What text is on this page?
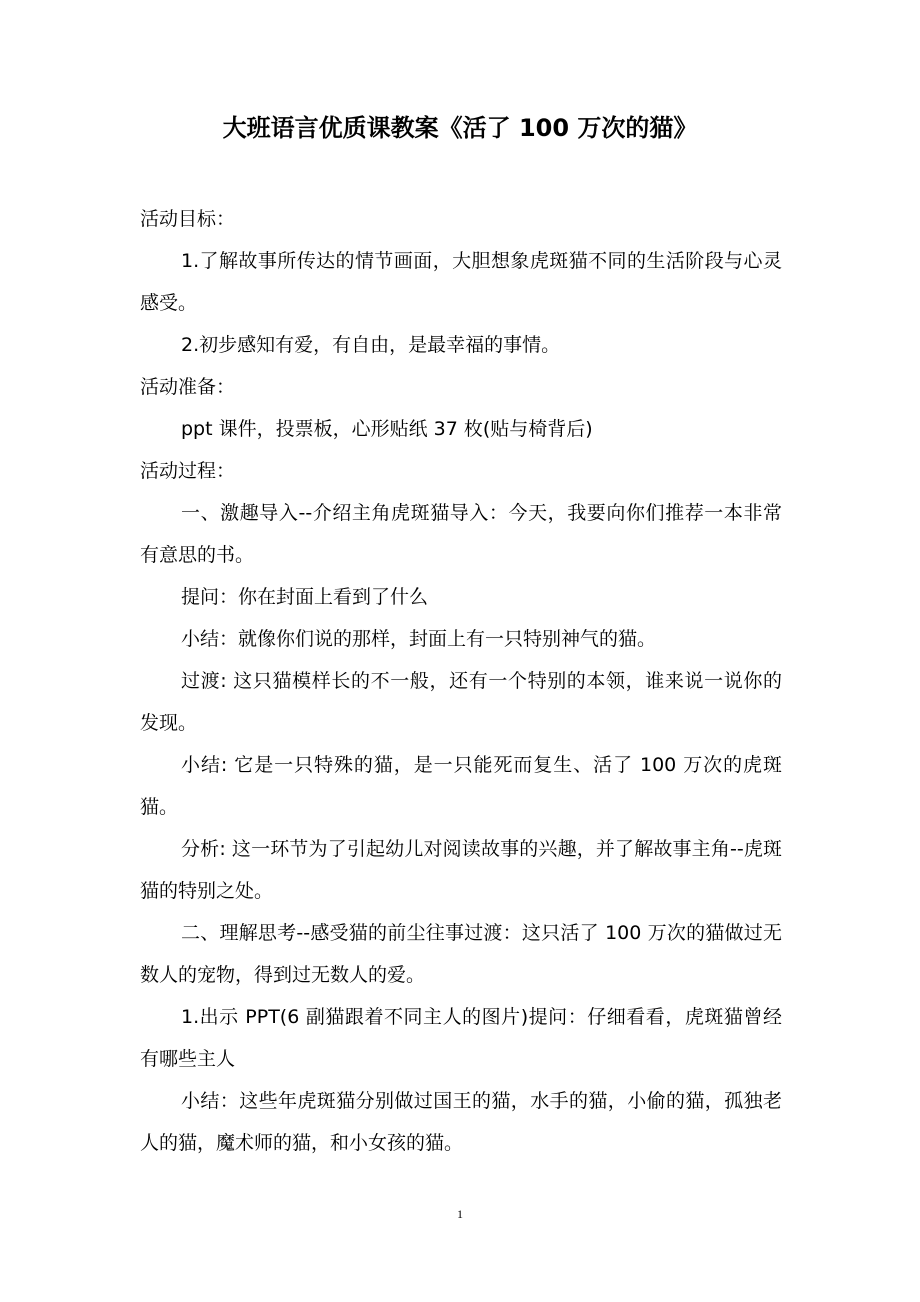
大班语言优质课教案《活了 100 万次的猫》

活动目标：

1.了解故事所传达的情节画面，大胆想象虎斑猫不同的生活阶段与心灵感受。

2.初步感知有爱，有自由，是最幸福的事情。

活动准备：

ppt 课件，投票板，心形贴纸 37 枚(贴与椅背后)

活动过程：

一、激趣导入--介绍主角虎斑猫导入：今天，我要向你们推荐一本非常有意思的书。

提问：你在封面上看到了什么

小结：就像你们说的那样，封面上有一只特别神气的猫。

过渡: 这只猫模样长的不一般，还有一个特别的本领，谁来说一说你的发现。

小结: 它是一只特殊的猫，是一只能死而复生、活了 100 万次的虎斑猫。

分析: 这一环节为了引起幼儿对阅读故事的兴趣，并了解故事主角--虎斑猫的特别之处。

二、理解思考--感受猫的前尘往事过渡：这只活了 100 万次的猫做过无数人的宠物，得到过无数人的爱。

1.出示 PPT(6 副猫跟着不同主人的图片)提问：仔细看看，虎斑猫曾经有哪些主人

小结：这些年虎斑猫分别做过国王的猫，水手的猫，小偷的猫，孤独老人的猫，魔术师的猫，和小女孩的猫。

1
